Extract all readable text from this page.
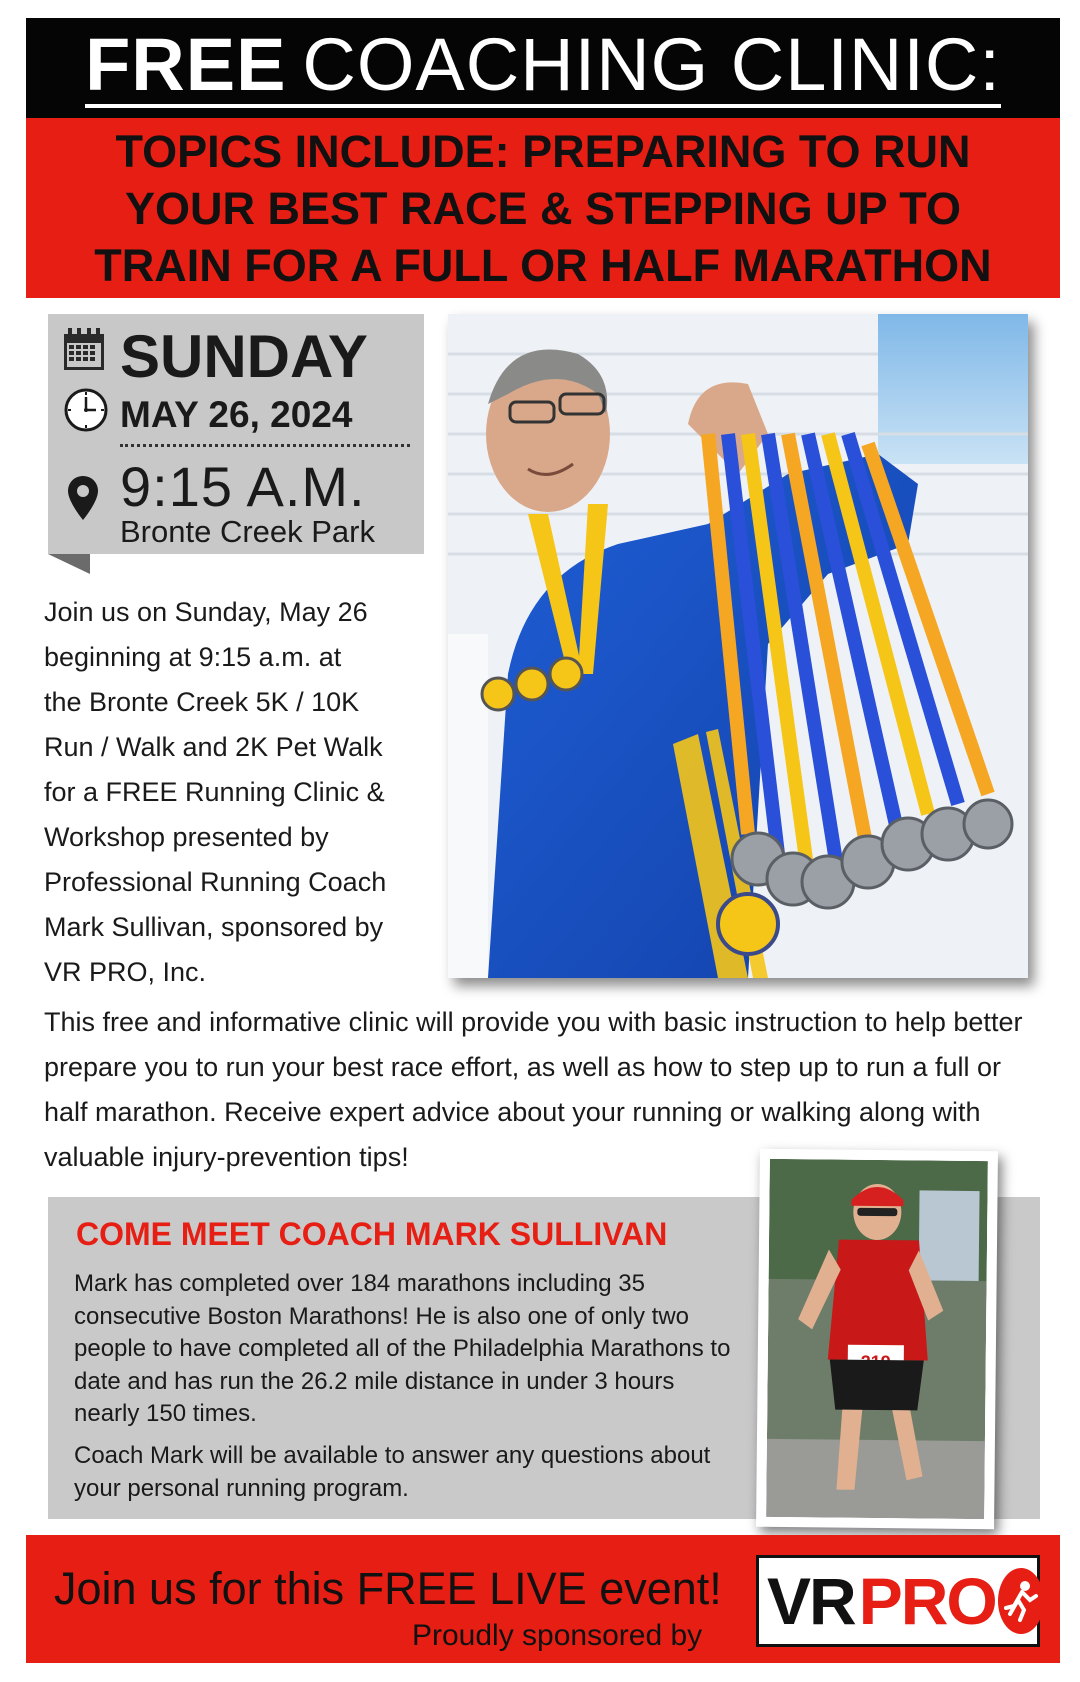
FREE COACHING CLINIC:
TOPICS INCLUDE: PREPARING TO RUN
YOUR BEST RACE & STEPPING UP TO
TRAIN FOR A FULL OR HALF MARATHON
SUNDAY
MAY 26, 2024
9:15 A.M.
Bronte Creek Park
Join us on Sunday, May 26
beginning at 9:15 a.m. at
the Bronte Creek 5K / 10K
Run / Walk and 2K Pet Walk
for a FREE Running Clinic &
Workshop presented by
Professional Running Coach
Mark Sullivan, sponsored by
VR PRO, Inc.
This free and informative clinic will provide you with basic instruction to help better prepare you to run your best race effort, as well as how to step up to run a full or half marathon. Receive expert advice about your running or walking along with valuable injury-prevention tips!
COME MEET COACH MARK SULLIVAN
Mark has completed over 184 marathons including 35 consecutive Boston Marathons! He is also one of only two people to have completed all of the Philadelphia Marathons to date and has run the 26.2 mile distance in under 3 hours nearly 150 times.
Coach Mark will be available to answer any questions about your personal running program.
Join us for this FREE LIVE event!
Proudly sponsored by VR PRO
